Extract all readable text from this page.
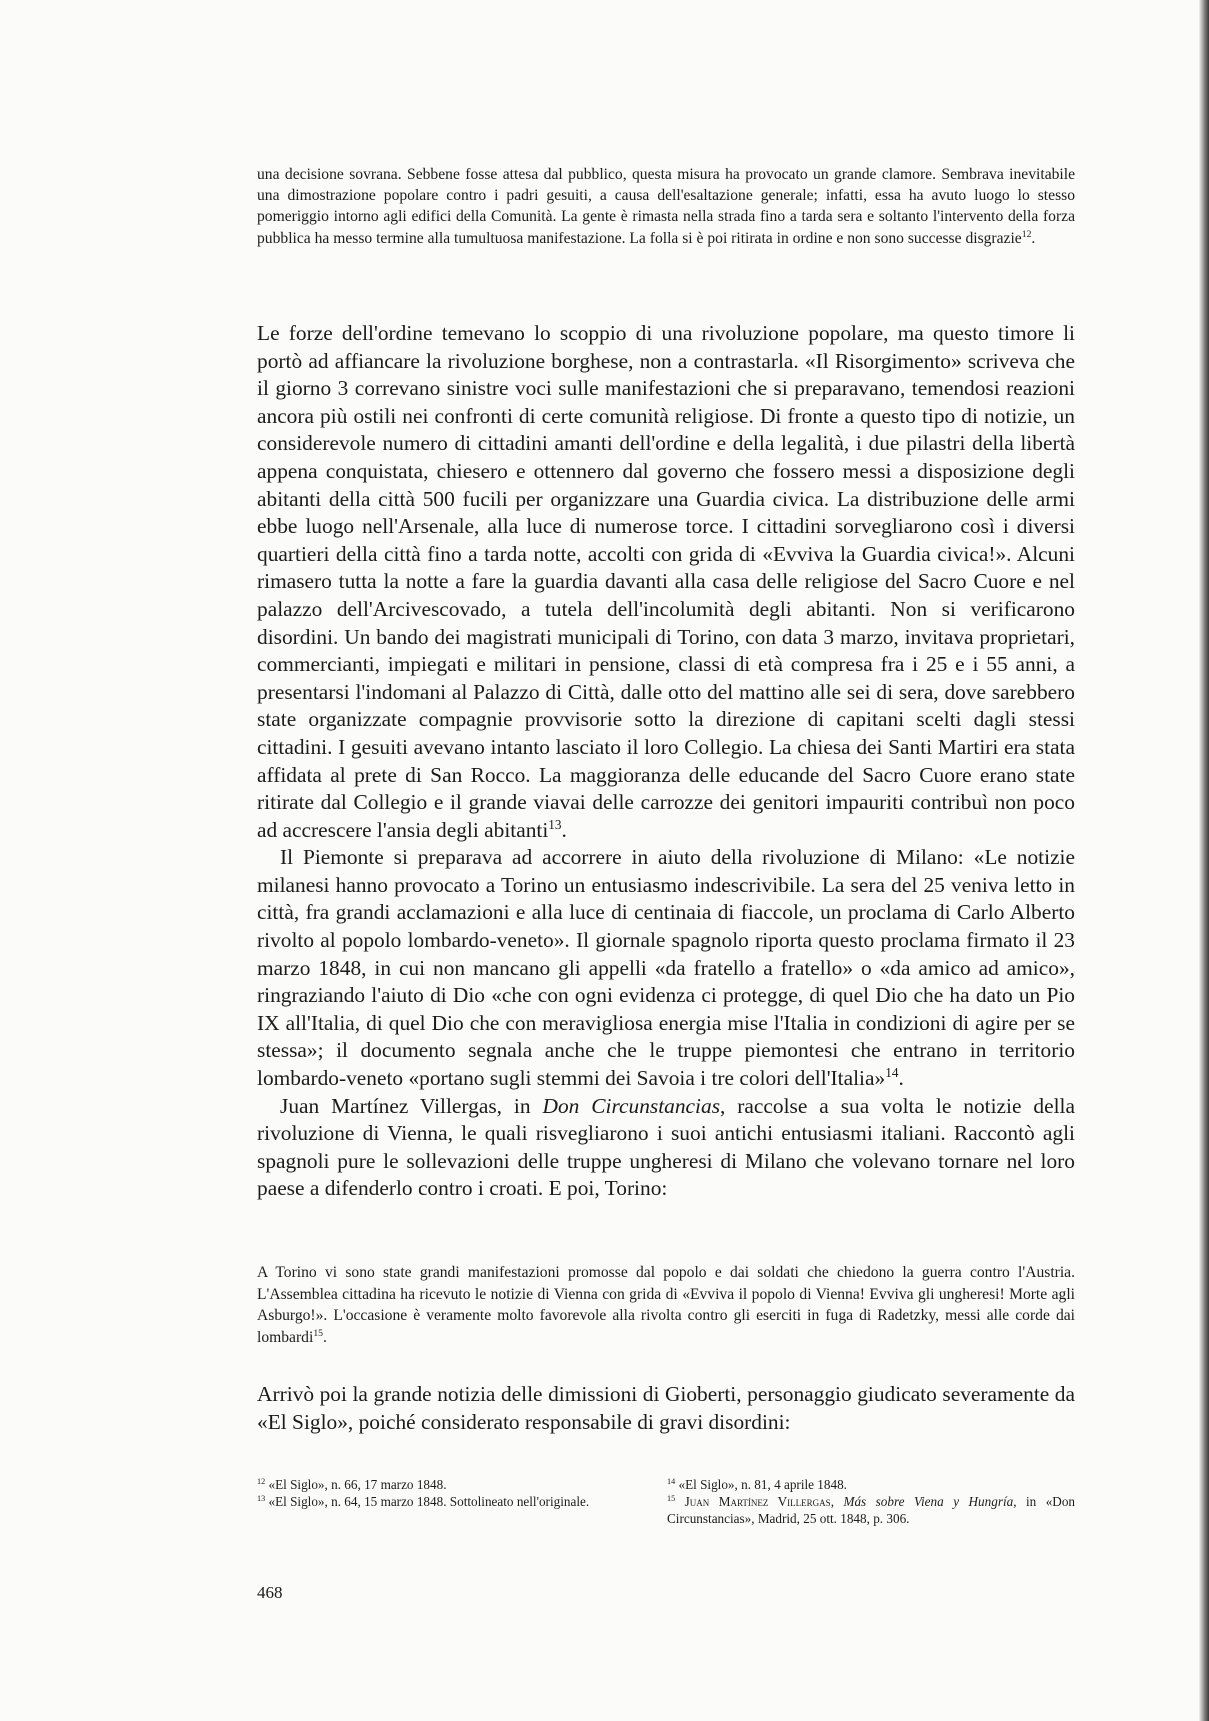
una decisione sovrana. Sebbene fosse attesa dal pubblico, questa misura ha provocato un grande clamore. Sembrava inevitabile una dimostrazione popolare contro i padri gesuiti, a causa dell'esaltazione generale; infatti, essa ha avuto luogo lo stesso pomeriggio intorno agli edifici della Comunità. La gente è rimasta nella strada fino a tarda sera e soltanto l'intervento della forza pubblica ha messo termine alla tumultuosa manifestazione. La folla si è poi ritirata in ordine e non sono successe disgrazie$^{12}$.

Le forze dell'ordine temevano lo scoppio di una rivoluzione popolare, ma questo timore li portò ad affiancare la rivoluzione borghese, non a contrastarla. «Il Risorgimento» scriveva che il giorno 3 correvano sinistre voci sulle manifestazioni che si preparavano, temendosi reazioni ancora più ostili nei confronti di certe comunità religiose. Di fronte a questo tipo di notizie, un considerevole numero di cittadini amanti dell'ordine e della legalità, i due pilastri della libertà appena conquistata, chiesero e ottennero dal governo che fossero messi a disposizione degli abitanti della città 500 fucili per organizzare una Guardia civica. La distribuzione delle armi ebbe luogo nell'Arsenale, alla luce di numerose torce. I cittadini sorvegliarono così i diversi quartieri della città fino a tarda notte, accolti con grida di «Evviva la Guardia civica!». Alcuni rimasero tutta la notte a fare la guardia davanti alla casa delle religiose del Sacro Cuore e nel palazzo dell'Arcivescovado, a tutela dell'incolumità degli abitanti. Non si verificarono disordini. Un bando dei magistrati municipali di Torino, con data 3 marzo, invitava proprietari, commercianti, impiegati e militari in pensione, classi di età compresa fra i 25 e i 55 anni, a presentarsi l'indomani al Palazzo di Città, dalle otto del mattino alle sei di sera, dove sarebbero state organizzate compagnie provvisorie sotto la direzione di capitani scelti dagli stessi cittadini. I gesuiti avevano intanto lasciato il loro Collegio. La chiesa dei Santi Martiri era stata affidata al prete di San Rocco. La maggioranza delle educande del Sacro Cuore erano state ritirate dal Collegio e il grande viavai delle carrozze dei genitori impauriti contribuì non poco ad accrescere l'ansia degli abitanti$^{13}$.

Il Piemonte si preparava ad accorrere in aiuto della rivoluzione di Milano: «Le notizie milanesi hanno provocato a Torino un entusiasmo indescrivibile. La sera del 25 veniva letto in città, fra grandi acclamazioni e alla luce di centinaia di fiaccole, un proclama di Carlo Alberto rivolto al popolo lombardo-veneto». Il giornale spagnolo riporta questo proclama firmato il 23 marzo 1848, in cui non mancano gli appelli «da fratello a fratello» o «da amico ad amico», ringraziando l'aiuto di Dio «che con ogni evidenza ci protegge, di quel Dio che ha dato un Pio IX all'Italia, di quel Dio che con meravigliosa energia mise l'Italia in condizioni di agire per se stessa»; il documento segnala anche che le truppe piemontesi che entrano in territorio lombardo-veneto «portano sugli stemmi dei Savoia i tre colori dell'Italia»$^{14}$.

Juan Martínez Villergas, in Don Circunstancias, raccolse a sua volta le notizie della rivoluzione di Vienna, le quali risvegliarono i suoi antichi entusiasmi italiani. Raccontò agli spagnoli pure le sollevazioni delle truppe ungheresi di Milano che volevano tornare nel loro paese a difenderlo contro i croati. E poi, Torino:

A Torino vi sono state grandi manifestazioni promosse dal popolo e dai soldati che chiedono la guerra contro l'Austria. L'Assemblea cittadina ha ricevuto le notizie di Vienna con grida di «Evviva il popolo di Vienna! Evviva gli ungheresi! Morte agli Asburgo!». L'occasione è veramente molto favorevole alla rivolta contro gli eserciti in fuga di Radetzky, messi alle corde dai lombardi$^{15}$.

Arrivò poi la grande notizia delle dimissioni di Gioberti, personaggio giudicato severamente da «El Siglo», poiché considerato responsabile di gravi disordini:

$^{12}$ «El Siglo», n. 66, 17 marzo 1848.

$^{13}$ «El Siglo», n. 64, 15 marzo 1848. Sottolineato nell'originale.

$^{14}$ «El Siglo», n. 81, 4 aprile 1848.

$^{15}$ Juan Martínez Villergas, Más sobre Viena y Hungría, in «Don Circunstancias», Madrid, 25 ott. 1848, p. 306.

468
